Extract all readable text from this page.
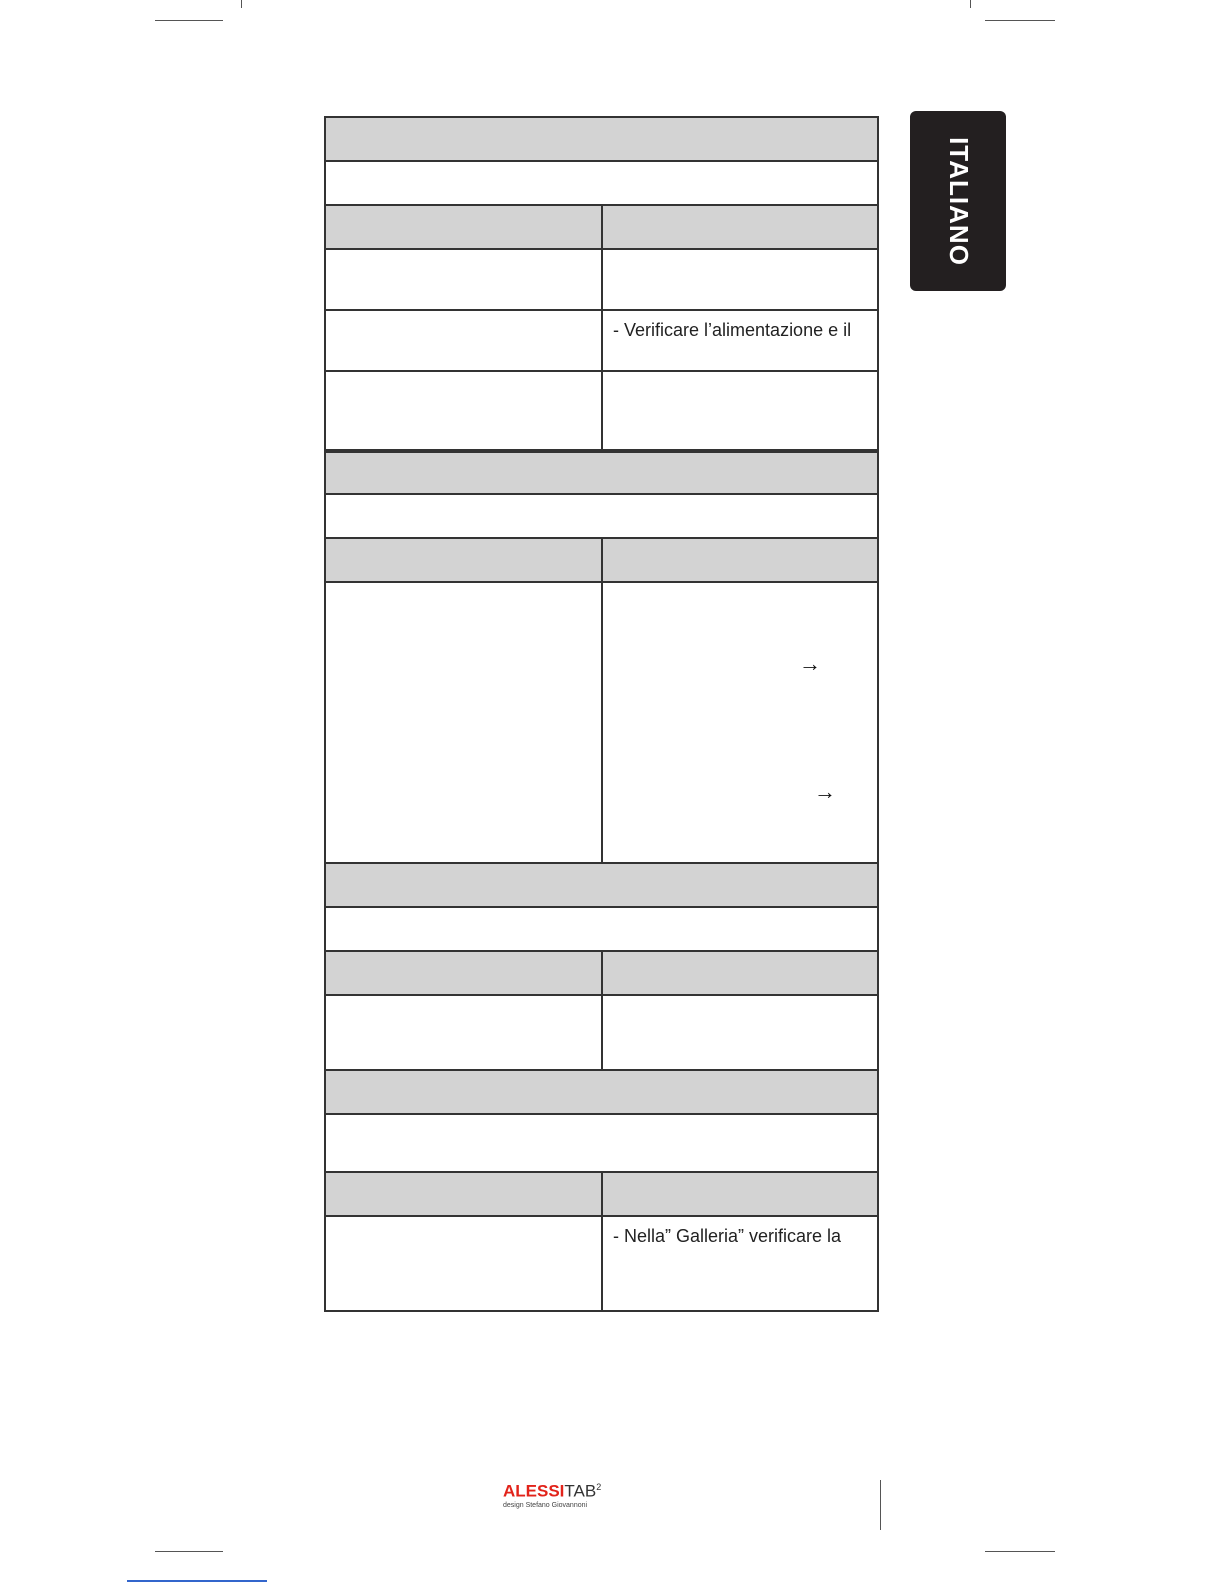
ITALIANO
- Verificare l’alimentazione e il
→
→
- Nella” Galleria” verificare la
ALESSITAB$^2$
design Stefano Giovannoni
